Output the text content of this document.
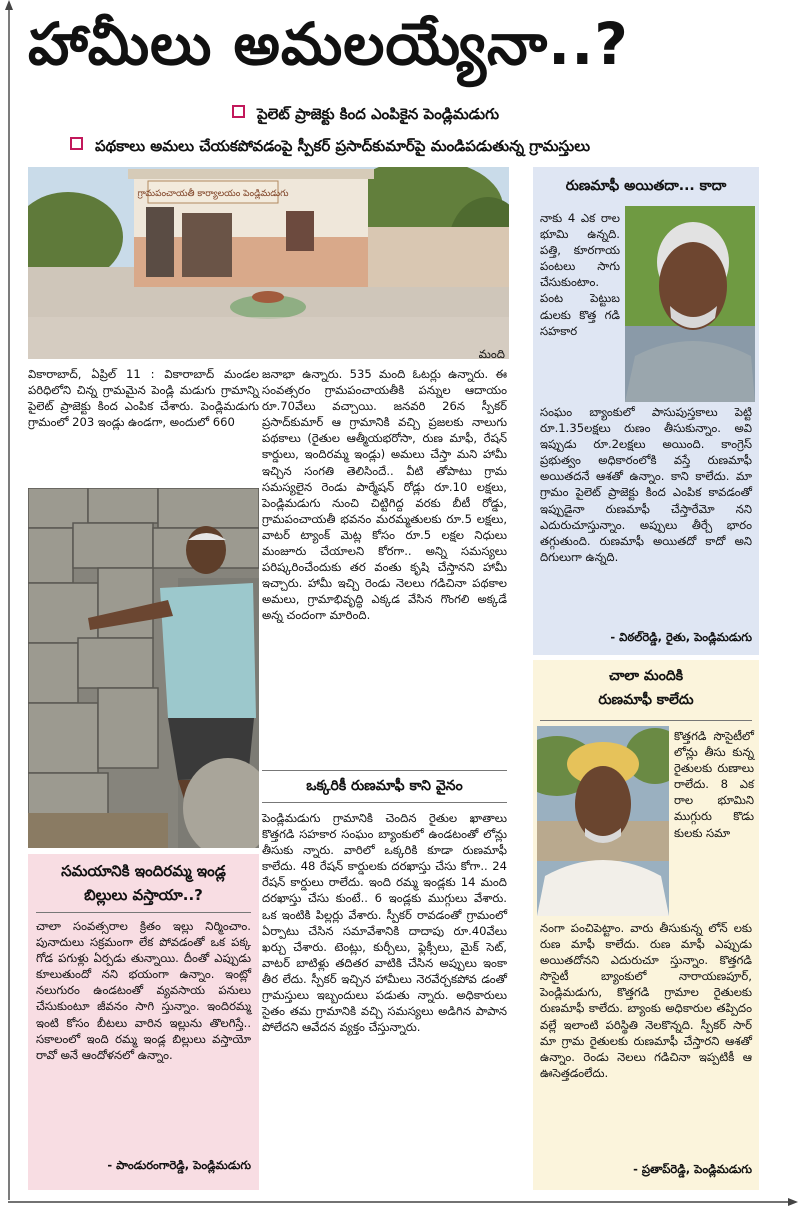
హామీలు అమలయ్యేనా..?
పైలెట్ ప్రాజెక్టు కింద ఎంపికైన పెండ్లిమడుగు
పథకాలు అమలు చేయకపోవడంపై స్పీకర్ ప్రసాద్‌కుమార్‌పై మండిపడుతున్న గ్రామస్తులు
గ్రామపంచాయతీ కార్యాలయం పెండ్లిమడుగు
వికారాబాద్, ఏప్రిల్ 11 : వికారాబాద్ మండల పరిధిలోని చిన్న గ్రామమైన పెండ్లి మడుగు గ్రామాన్ని పైలెట్ ప్రాజెక్టు కింద ఎంపిక చేశారు. పెండ్లిమడుగు గ్రామంలో 203 ఇండ్లు ఉండగా, అందులో 660
మంది
సమయానికి ఇందిరమ్మ ఇండ్ల
బిల్లులు వస్తాయా..?
చాలా సంవత్సరాల క్రితం ఇల్లు నిర్మించాం. పునాదులు సక్రమంగా లేక పోవడంతో ఒక పక్క గోడ పగుళ్లు ఏర్పడు తున్నాయి. దీంతో ఎప్పుడు కూలుతుందో నని భయంగా ఉన్నాం. ఇంట్లో నలుగురం ఉండటంతో వ్యవసాయ పనులు చేసుకుంటూ జీవనం సాగి స్తున్నాం. ఇందిరమ్మ ఇంటి కోసం బీటలు వారిన ఇల్లును తొలగిస్తే.. సకాలంలో ఇంది రమ్మ ఇండ్ల బిల్లులు వస్తాయో రావో అనే ఆందోళనలో ఉన్నాం.
- పాండురంగారెడ్డి, పెండ్లిమడుగు
జనాభా ఉన్నారు. 535 మంది ఓటర్లు ఉన్నారు. ఈ సంవత్సరం గ్రామపంచాయతీకి పన్నుల ఆదాయం రూ.70వేలు వచ్చాయి. జనవరి 26న స్పీకర్ ప్రసాద్‌కుమార్ ఆ గ్రామానికి వచ్చి ప్రజలకు నాలుగు పథకాలు (రైతుల ఆత్మీయభరోసా, రుణ మాఫీ, రేషన్ కార్డులు, ఇందిరమ్మ ఇండ్లు) అమలు చేస్తా మని హామీ ఇచ్చిన సంగతి తెలిసిందే.. వీటి తోపాటు గ్రామ సమస్యలైన రెండు పార్మేషన్ రోడ్లు రూ.10 లక్షలు, పెండ్లిమడుగు నుంచి చిట్టిగిద్ద వరకు బీటీ రోడ్డు, గ్రామపంచాయతీ భవనం మరమ్మతులకు రూ.5 లక్షలు, వాటర్ ట్యాంక్ మెట్ల కోసం రూ.5 లక్షల నిధులు మంజూరు చేయాలని కోరగా.. అన్ని సమస్యలు పరిష్కరించేందుకు తర వంతు కృషి చేస్తానని హామీ ఇచ్చారు. హామీ ఇచ్చి రెండు నెలలు గడిచినా పథకాల అమలు, గ్రామాభివృద్ధి ఎక్కడ వేసిన గొంగలి అక్కడే అన్న చందంగా మారింది.
ఒక్కరికీ రుణమాఫీ కాని వైనం
పెండ్లిమడుగు గ్రామానికి చెందిన రైతుల ఖాతాలు కొత్తగడి సహకార సంఘం బ్యాంకులో ఉండటంతో లోన్లు తీసుకు న్నారు. వారిలో ఒక్కరికి కూడా రుణమాఫీ కాలేదు. 48 రేషన్ కార్డులకు దరఖాస్తు చేసు కోగా.. 24 రేషన్ కార్డులు రాలేదు. ఇంది రమ్మ ఇండ్లకు 14 మంది దరఖాస్తు చేసు కుంటే.. 6 ఇండ్లకు ముగ్గులు వేశారు. ఒక ఇంటికి పిల్లర్లు వేశారు. స్పీకర్ రావడంతో గ్రామంలో ఏర్పాటు చేసిన సమావేశానికి దాదాపు రూ.40వేలు ఖర్చు చేశారు. టెంట్లు, కుర్చీలు, ఫ్లెక్సీలు, మైక్ సెట్, వాటర్ బాటిళ్లు తదితర వాటికి చేసిన అప్పులు ఇంకా తీర లేదు. స్పీకర్ ఇచ్చిన హామీలు నెరవేర్చకపోవ డంతో గ్రామస్తులు ఇబ్బందులు పడుతు న్నారు. అధికారులు సైతం తమ గ్రామానికి వచ్చి సమస్యలు అడిగిన పాపాన పోలేదని ఆవేదన వ్యక్తం చేస్తున్నారు.
రుణమాఫీ అయితదా... కాదా
నాకు 4 ఎక రాల భూమి ఉన్నది. పత్తి, కూరగాయ పంటలు సాగు చేసుకుంటాం. పంట పెట్టుబ డులకు కొత్త గడి సహకార
సంఘం బ్యాంకులో పాసుపుస్తకాలు పెట్టి రూ.1.35లక్షలు రుణం తీసుకున్నాం. అవి ఇప్పుడు రూ.2లక్షలు అయింది. కాంగ్రెస్ ప్రభుత్వం అధికారంలోకి వస్తే రుణమాఫీ అయితదనే ఆశతో ఉన్నాం. కాని కాలేదు. మా గ్రామం పైలెట్ ప్రాజెక్టు కింద ఎంపిక కావడంతో ఇప్పుడైనా రుణమాఫీ చేస్తారేమో నని ఎదురుచూస్తున్నాం. అప్పులు తీర్చే భారం తగ్గుతుంది. రుణమాఫీ అయితదో కాదో అని దిగులుగా ఉన్నది.
- విఠల్‌రెడ్డి, రైతు, పెండ్లిమడుగు
చాలా మందికి
రుణమాఫీ కాలేదు
కొత్తగడి సొసైటీలో లోన్లు తీసు కున్న రైతులకు రుణాలు రాలేదు. 8 ఎక రాల భూమిని ముగ్గురు కొడు కులకు సమా
నంగా పంచిపెట్టాం. వారు తీసుకున్న లోన్ లకు రుణ మాఫీ కాలేదు. రుణ మాఫీ ఎప్పుడు అయితదోనని ఎదురుచూ స్తున్నాం. కొత్తగడి సొసైటీ బ్యాంకులో నారాయణపూర్, పెండ్లిమడుగు, కొత్తగడి గ్రామాల రైతులకు రుణమాఫీ కాలేదు. బ్యాంకు అధికారుల తప్పిదం వల్లే ఇలాంటి పరిస్థితి నెలకొన్నది. స్పీకర్ సార్ మా గ్రామ రైతులకు రుణమాఫీ చేస్తారని ఆశతో ఉన్నాం. రెండు నెలలు గడిచినా ఇప్పటికీ ఆ ఊసెత్తడంలేదు.
- ప్రతాప్‌రెడ్డి, పెండ్లిమడుగు
